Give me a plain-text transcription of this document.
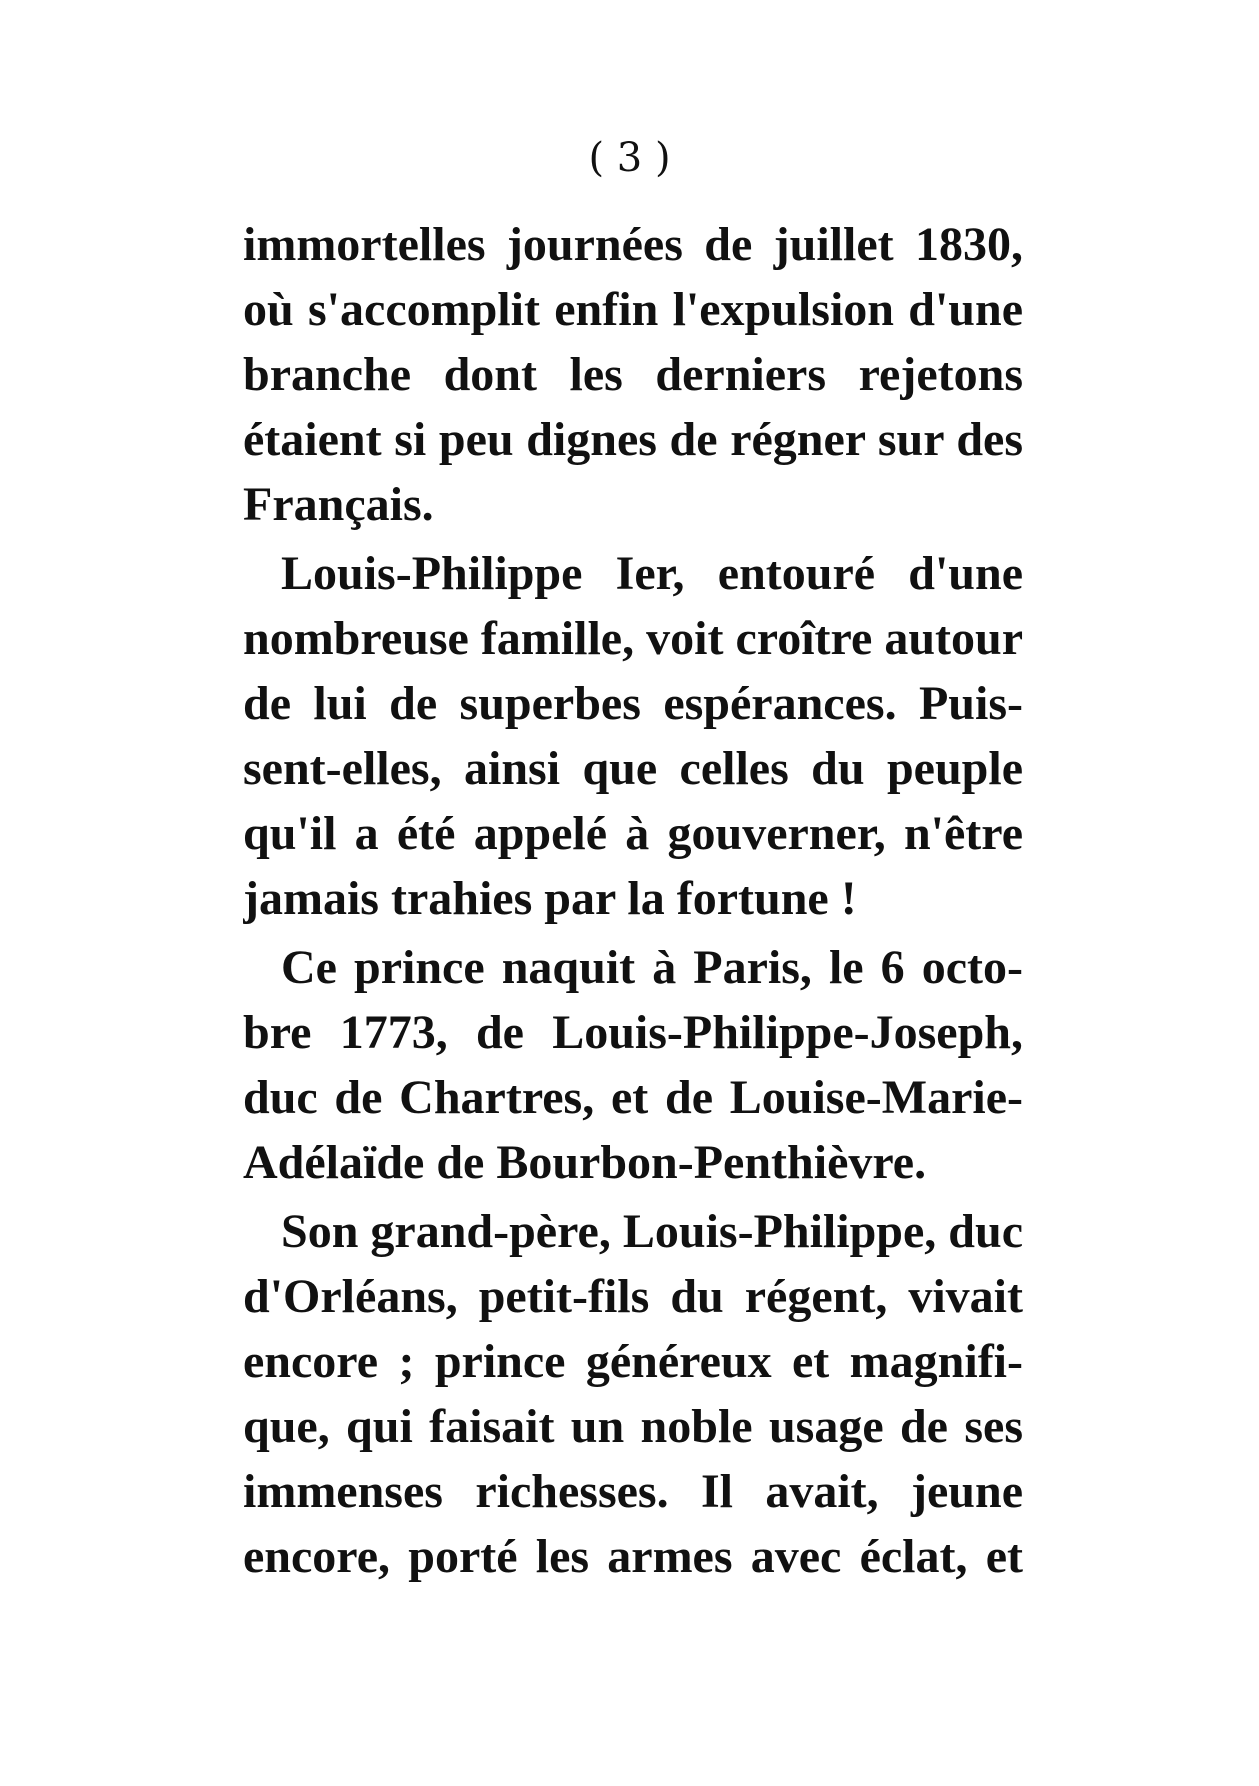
( 3 )
immortelles journées de juillet 1830,
où s'accomplit enfin l'expulsion d'une
branche dont les derniers rejetons
étaient si peu dignes de régner sur des
Français.
Louis-Philippe Ier, entouré d'une
nombreuse famille, voit croître autour
de lui de superbes espérances. Puis-
sent-elles, ainsi que celles du peuple
qu'il a été appelé à gouverner, n'être
jamais trahies par la fortune !
Ce prince naquit à Paris, le 6 octo-
bre 1773, de Louis-Philippe-Joseph,
duc de Chartres, et de Louise-Marie-
Adélaïde de Bourbon-Penthièvre.
Son grand-père, Louis-Philippe, duc
d'Orléans, petit-fils du régent, vivait
encore ; prince généreux et magnifi-
que, qui faisait un noble usage de ses
immenses richesses. Il avait, jeune
encore, porté les armes avec éclat, et
